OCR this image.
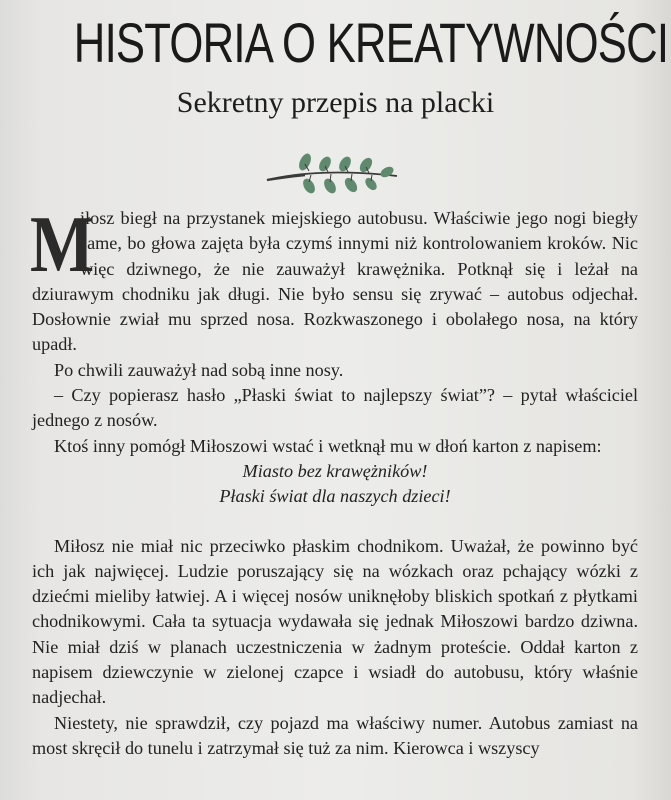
HISTORIA O KREATYWNOŚCI
Sekretny przepis na placki

M
iłosz biegł na przystanek miejskiego autobusu. Właściwie jego nogi biegły same, bo głowa zajęta była czymś innymi niż kontrolowaniem kroków. Nic więc dziwnego, że nie zauważył krawężnika. Potknął się i leżał na dziurawym chodniku jak długi. Nie było sensu się zrywać – autobus odjechał. Dosłownie zwiał mu sprzed nosa. Rozkwaszonego i obolałego nosa, na który upadł.

Po chwili zauważył nad sobą inne nosy.

– Czy popierasz hasło „Płaski świat to najlepszy świat”? – pytał właściciel jednego z nosów.

Ktoś inny pomógł Miłoszowi wstać i wetknął mu w dłoń karton z napisem:

Miasto bez krawężników!
Płaski świat dla naszych dzieci!

Miłosz nie miał nic przeciwko płaskim chodnikom. Uważał, że powinno być ich jak najwięcej. Ludzie poruszający się na wózkach oraz pchający wózki z dziećmi mieliby łatwiej. A i więcej nosów uniknęłoby bliskich spotkań z płytkami chodnikowymi. Cała ta sytuacja wydawała się jednak Miłoszowi bardzo dziwna. Nie miał dziś w planach uczestniczenia w żadnym proteście. Oddał karton z napisem dziewczynie w zielonej czapce i wsiadł do autobusu, który właśnie nadjechał.

Niestety, nie sprawdził, czy pojazd ma właściwy numer. Autobus zamiast na most skręcił do tunelu i zatrzymał się tuż za nim. Kierowca i wszyscy
